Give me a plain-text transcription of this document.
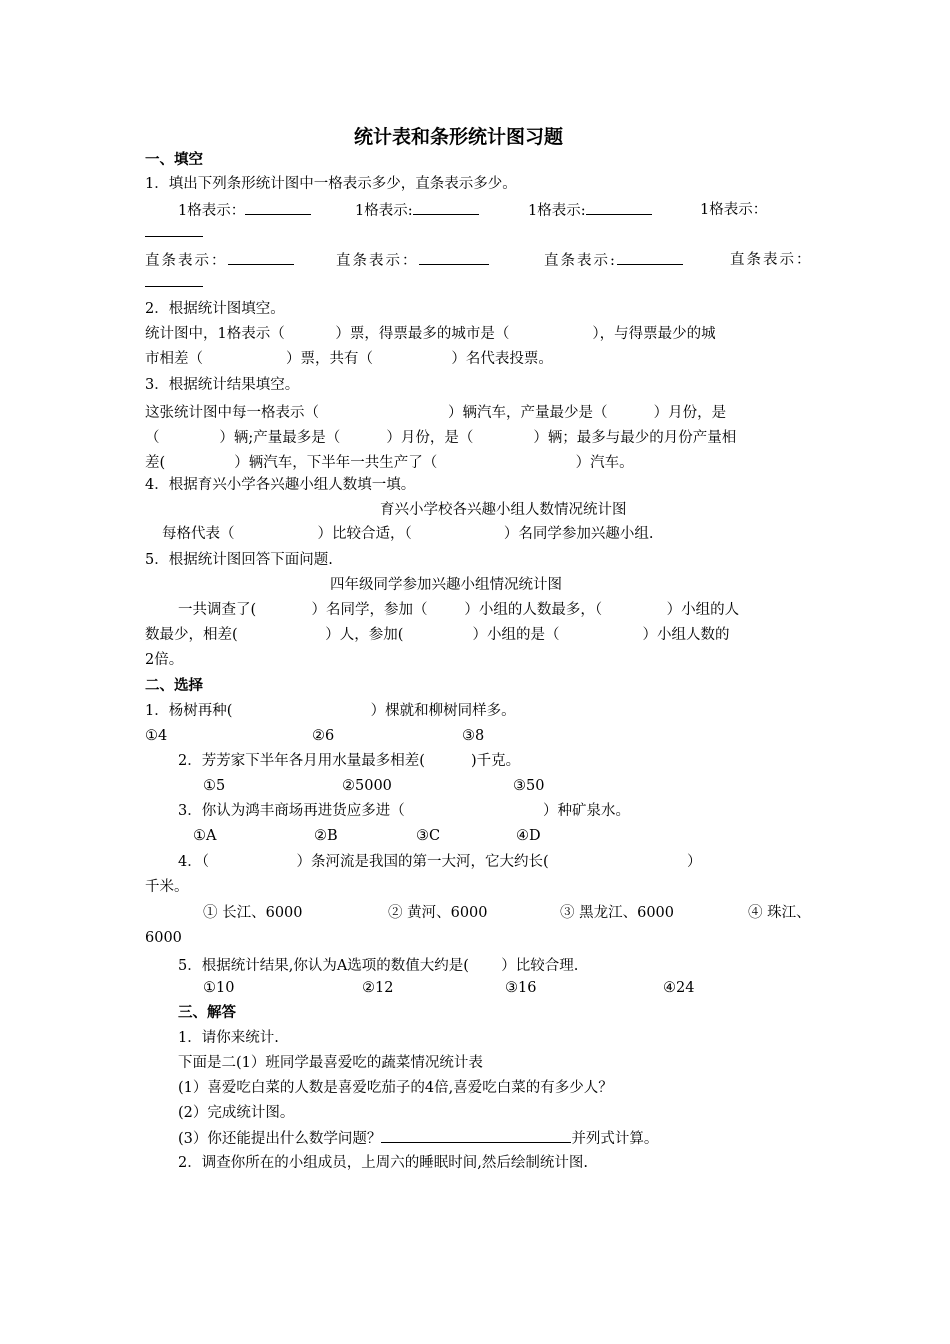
统计表和条形统计图习题
一、填空
1．填出下列条形统计图中一格表示多少，直条表示多少。
1格表示：	1格表示:	1格表示:	1格表示：
直条表示：	直条表示：	直条表示:	直条表示：
2．根据统计图填空。
统计图中，1格表示（           ）票，得票最多的城市是（                  ），与得票最少的城
市相差（                  ）票，共有（                 ）名代表投票。
3．根据统计结果填空。
这张统计图中每一格表示（                            ）辆汽车，产量最少是（          ）月份，是
（             ）辆;产量最多是（          ）月份，是（             ）辆；最多与最少的月份产量相
差(               ）辆汽车，下半年一共生产了（                              ）汽车。
4．根据育兴小学各兴趣小组人数填一填。
育兴小学校各兴趣小组人数情况统计图
每格代表（                  ）比较合适，（                    ）名同学参加兴趣小组.
5．根据统计图回答下面问题.
四年级同学参加兴趣小组情况统计图
一共调查了(            ）名同学，参加（        ）小组的人数最多，（              ）小组的人
数最少，相差(                   ）人，参加(               ）小组的是（                  ）小组人数的
2倍。
二、选择
1．杨树再种(                              ）棵就和柳树同样多。
①4	②6	③8
2．芳芳家下半年各月用水量最多相差(          )千克。
①5	②5000	③50
3．你认为鸿丰商场再进货应多进（                              ）种矿泉水。
①A	②B	③C	④D
4．（                   ）条河流是我国的第一大河，它大约长(                              ）
千米。
① 长江、6000	② 黄河、6000	③ 黑龙江、6000	④ 珠江、
6000
5．根据统计结果,你认为A选项的数值大约是(       ）比较合理.
①10	②12	③16	④24
三、解答
1．请你来统计.
下面是二(1）班同学最喜爱吃的蔬菜情况统计表
(1）喜爱吃白菜的人数是喜爱吃茄子的4倍,喜爱吃白菜的有多少人？
(2）完成统计图。
(3）你还能提出什么数学问题？	并列式计算。
2．调查你所在的小组成员，上周六的睡眠时间,然后绘制统计图.
